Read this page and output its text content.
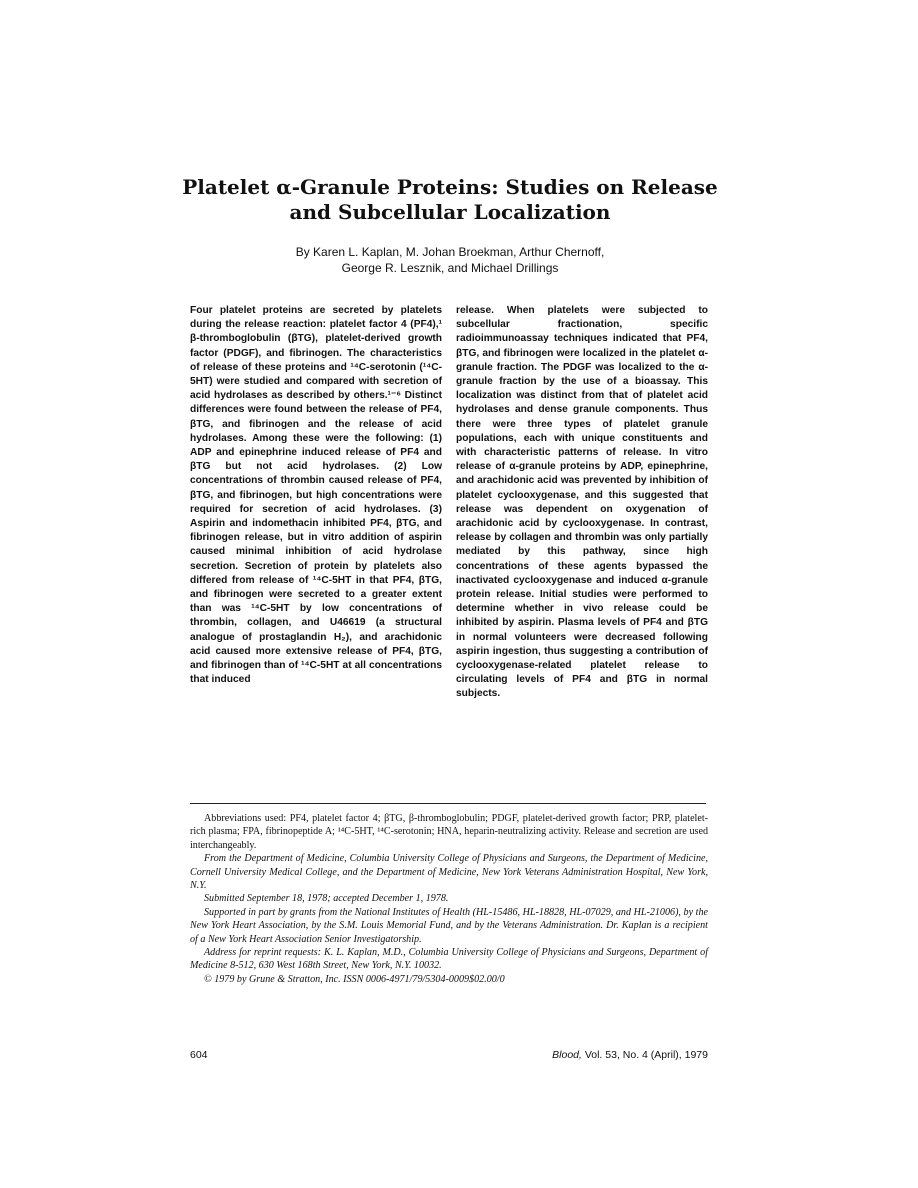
Platelet α-Granule Proteins: Studies on Release
and Subcellular Localization

By Karen L. Kaplan, M. Johan Broekman, Arthur Chernoff,
George R. Lesznik, and Michael Drillings

Four platelet proteins are secreted by platelets during the release reaction: platelet factor 4 (PF4),¹ β-thromboglobulin (βTG), platelet-derived growth factor (PDGF), and fibrinogen. The characteristics of release of these proteins and ¹⁴C-serotonin (¹⁴C-5HT) were studied and compared with secretion of acid hydrolases as described by others.¹⁻⁶ Distinct differences were found between the release of PF4, βTG, and fibrinogen and the release of acid hydrolases. Among these were the following: (1) ADP and epinephrine induced release of PF4 and βTG but not acid hydrolases. (2) Low concentrations of thrombin caused release of PF4, βTG, and fibrinogen, but high concentrations were required for secretion of acid hydrolases. (3) Aspirin and indomethacin inhibited PF4, βTG, and fibrinogen release, but in vitro addition of aspirin caused minimal inhibition of acid hydrolase secretion. Secretion of protein by platelets also differed from release of ¹⁴C-5HT in that PF4, βTG, and fibrinogen were secreted to a greater extent than was ¹⁴C-5HT by low concentrations of thrombin, collagen, and U46619 (a structural analogue of prostaglandin H₂), and arachidonic acid caused more extensive release of PF4, βTG, and fibrinogen than of ¹⁴C-5HT at all concentrations that induced

release. When platelets were subjected to subcellular fractionation, specific radioimmunoassay techniques indicated that PF4, βTG, and fibrinogen were localized in the platelet α-granule fraction. The PDGF was localized to the α-granule fraction by the use of a bioassay. This localization was distinct from that of platelet acid hydrolases and dense granule components. Thus there were three types of platelet granule populations, each with unique constituents and with characteristic patterns of release. In vitro release of α-granule proteins by ADP, epinephrine, and arachidonic acid was prevented by inhibition of platelet cyclooxygenase, and this suggested that release was dependent on oxygenation of arachidonic acid by cyclooxygenase. In contrast, release by collagen and thrombin was only partially mediated by this pathway, since high concentrations of these agents bypassed the inactivated cyclooxygenase and induced α-granule protein release. Initial studies were performed to determine whether in vivo release could be inhibited by aspirin. Plasma levels of PF4 and βTG in normal volunteers were decreased following aspirin ingestion, thus suggesting a contribution of cyclooxygenase-related platelet release to circulating levels of PF4 and βTG in normal subjects.

Abbreviations used: PF4, platelet factor 4; βTG, β-thromboglobulin; PDGF, platelet-derived growth factor; PRP, platelet-rich plasma; FPA, fibrinopeptide A; ¹⁴C-5HT, ¹⁴C-serotonin; HNA, heparin-neutralizing activity. Release and secretion are used interchangeably.

From the Department of Medicine, Columbia University College of Physicians and Surgeons, the Department of Medicine, Cornell University Medical College, and the Department of Medicine, New York Veterans Administration Hospital, New York, N.Y.

Submitted September 18, 1978; accepted December 1, 1978.

Supported in part by grants from the National Institutes of Health (HL-15486, HL-18828, HL-07029, and HL-21006), by the New York Heart Association, by the S.M. Louis Memorial Fund, and by the Veterans Administration. Dr. Kaplan is a recipient of a New York Heart Association Senior Investigatorship.

Address for reprint requests: K. L. Kaplan, M.D., Columbia University College of Physicians and Surgeons, Department of Medicine 8-512, 630 West 168th Street, New York, N.Y. 10032.

© 1979 by Grune & Stratton, Inc. ISSN 0006-4971/79/5304-0009$02.00/0

604	Blood, Vol. 53, No. 4 (April), 1979
